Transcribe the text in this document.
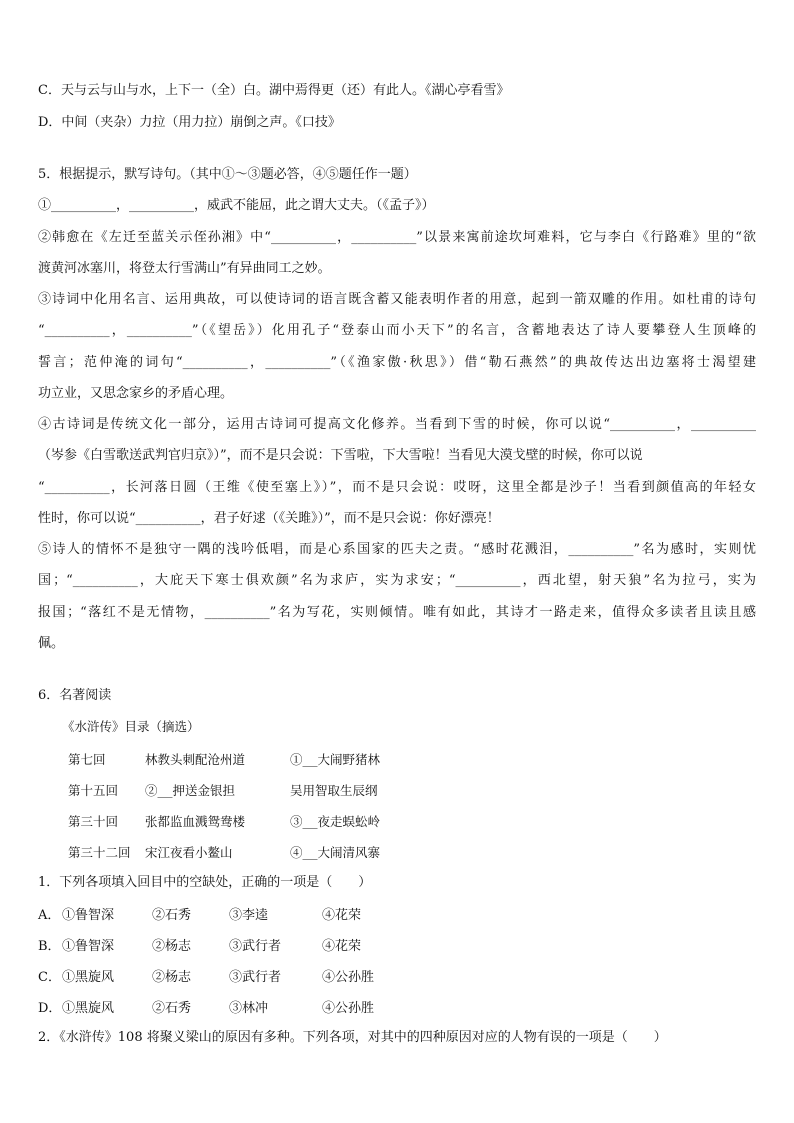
C．天与云与山与水，上下一（全）白。湖中焉得更（还）有此人。《湖心亭看雪》
D．中间（夹杂）力拉（用力拉）崩倒之声。《口技》
5．根据提示，默写诗句。（其中①～③题必答，④⑤题任作一题）
①__________，__________，威武不能屈，此之谓大丈夫。（《孟子》）
②韩愈在《左迁至蓝关示侄孙湘》中“__________，__________”以景来寓前途坎坷难料，它与李白《行路难》里的“欲
渡黄河冰塞川，将登太行雪满山”有异曲同工之妙。
③诗词中化用名言、运用典故，可以使诗词的语言既含蓄又能表明作者的用意，起到一箭双雕的作用。如杜甫的诗句
“__________，__________”（《望岳》）化用孔子“登泰山而小天下”的名言，含蓄地表达了诗人要攀登人生顶峰的
誓言；范仲淹的词句“__________，__________”（《渔家傲·秋思》）借“勒石燕然”的典故传达出边塞将士渴望建
功立业，又思念家乡的矛盾心理。
④古诗词是传统文化一部分，运用古诗词可提高文化修养。当看到下雪的时候，你可以说“__________，__________
（岑参《白雪歌送武判官归京》）”，而不是只会说：下雪啦，下大雪啦！当看见大漠戈壁的时候，你可以说
“__________，长河落日圆（王维《使至塞上》）”，而不是只会说：哎呀，这里全都是沙子！当看到颜值高的年轻女
性时，你可以说“__________，君子好逑（《关雎》）”，而不是只会说：你好漂亮！
⑤诗人的情怀不是独守一隅的浅吟低唱，而是心系国家的匹夫之责。“感时花溅泪，__________”名为感时，实则忧
国；“__________，大庇天下寒士俱欢颜”名为求庐，实为求安；“__________，西北望，射天狼”名为拉弓，实为
报国；“落红不是无情物，__________”名为写花，实则倾情。唯有如此，其诗才一路走来，值得众多读者且读且感
佩。
6．名著阅读
《水浒传》目录（摘选）
第七回	林教头刺配沧州道	①__大闹野猪林
第十五回 ②__押送金银担	吴用智取生辰纲
第三十回 张都监血溅鸳鸯楼	③__夜走蜈蚣岭
第三十二回 宋江夜看小鳌山	④__大闹清风寨
1．下列各项填入回目中的空缺处，正确的一项是（　　）
A． ①鲁智深	②石秀	③李逵	④花荣
B． ①鲁智深	②杨志	③武行者	④花荣
C． ①黑旋风	②杨志	③武行者	④公孙胜
D． ①黑旋风	②石秀	③林冲	④公孙胜
2．《水浒传》108 将聚义梁山的原因有多种。下列各项，对其中的四种原因对应的人物有误的一项是（　　）
